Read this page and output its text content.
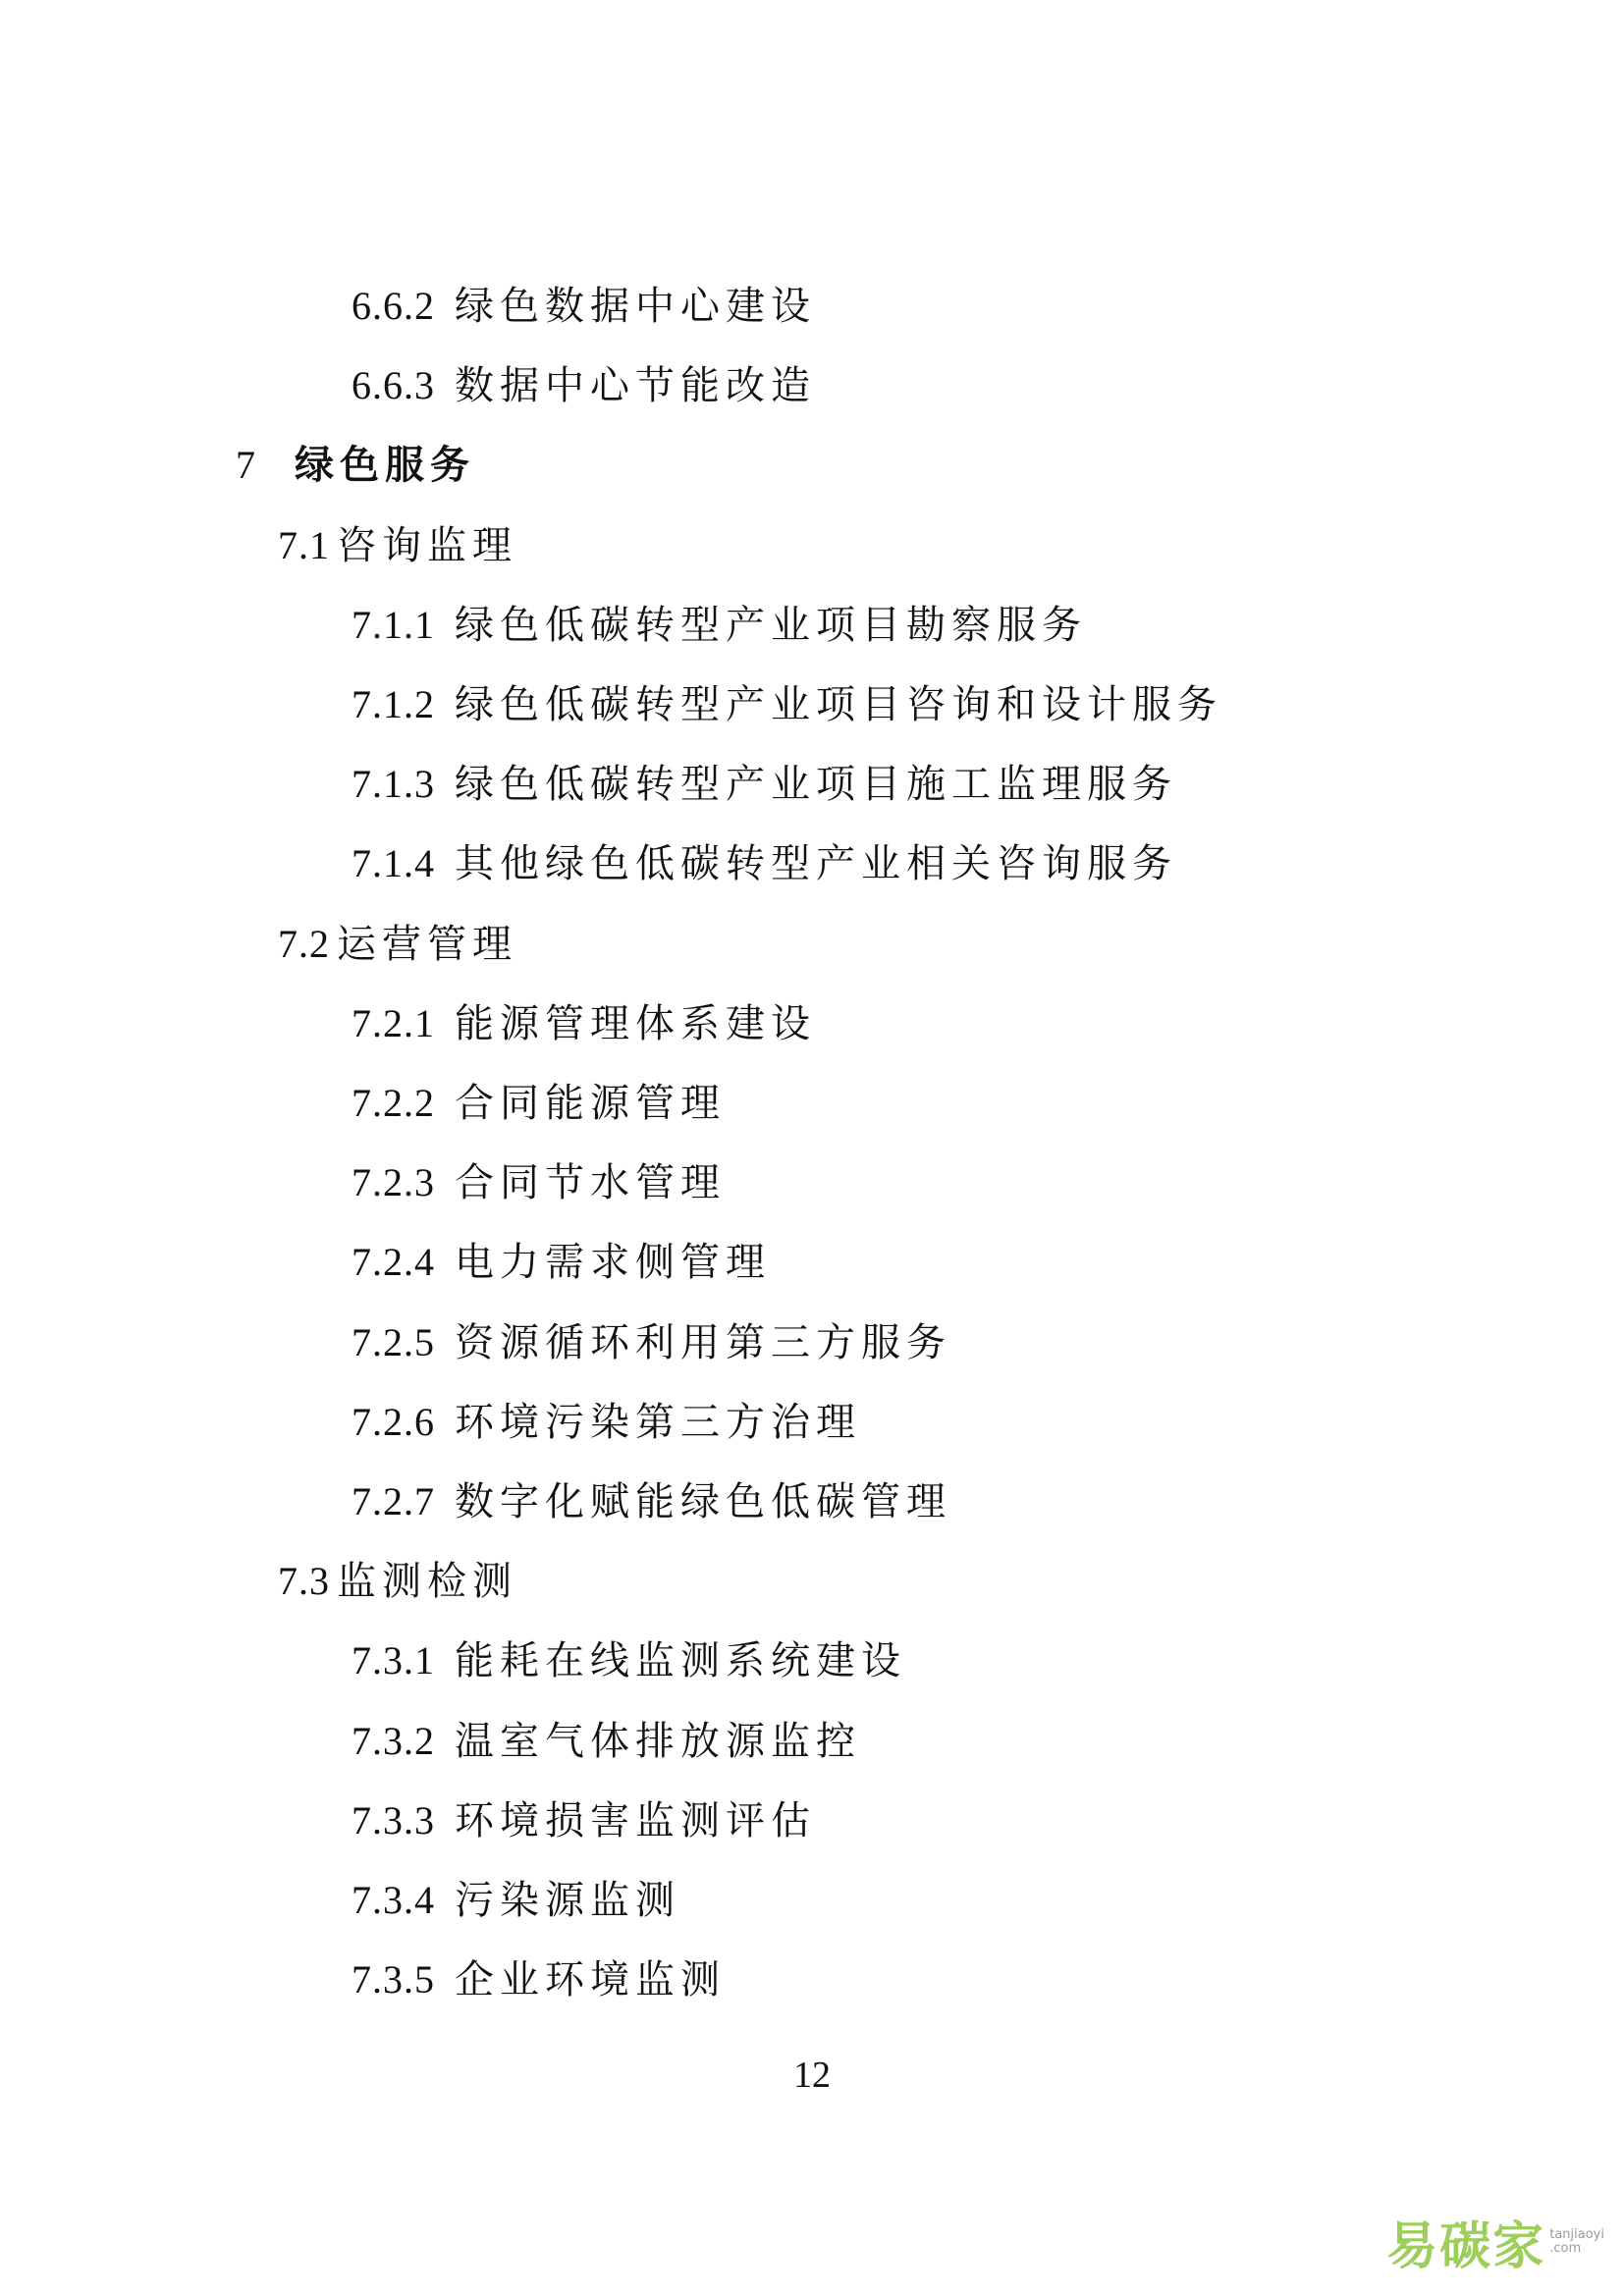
6.6.2 绿色数据中心建设
6.6.3 数据中心节能改造
7 绿色服务
7.1 咨询监理
7.1.1 绿色低碳转型产业项目勘察服务
7.1.2 绿色低碳转型产业项目咨询和设计服务
7.1.3 绿色低碳转型产业项目施工监理服务
7.1.4 其他绿色低碳转型产业相关咨询服务
7.2 运营管理
7.2.1 能源管理体系建设
7.2.2 合同能源管理
7.2.3 合同节水管理
7.2.4 电力需求侧管理
7.2.5 资源循环利用第三方服务
7.2.6 环境污染第三方治理
7.2.7 数字化赋能绿色低碳管理
7.3 监测检测
7.3.1 能耗在线监测系统建设
7.3.2 温室气体排放源监控
7.3.3 环境损害监测评估
7.3.4 污染源监测
7.3.5 企业环境监测
12
易碳家 tanjiaoyi
.com
